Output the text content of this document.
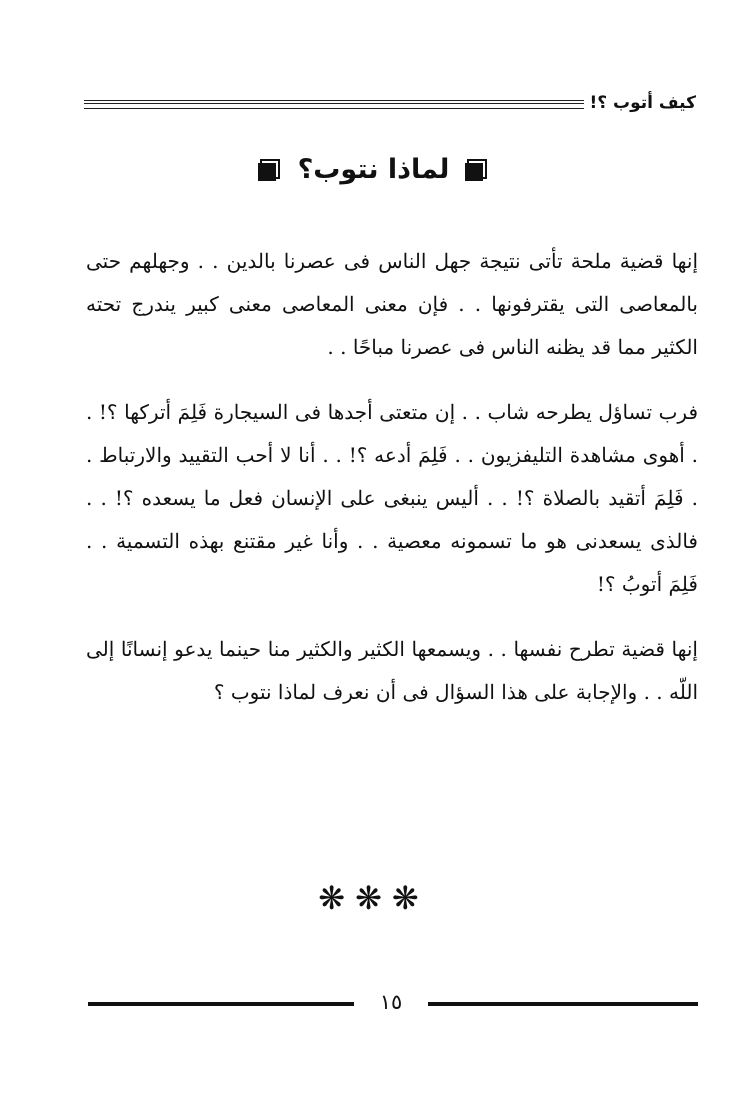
كيف أتوب ؟!
لماذا نتوب؟

إنها قضية ملحة تأتى نتيجة جهل الناس فى عصرنا بالدين . . وجهلهم حتى بالمعاصى التى يقترفونها . . فإن معنى المعاصى معنى كبير يندرج تحته الكثير مما قد يظنه الناس فى عصرنا مباحًا . .

فرب تساؤل يطرحه شاب . . إن متعتى أجدها فى السيجارة فَلِمَ أتركها ؟! . . أهوى مشاهدة التليفزيون . . فَلِمَ أدعه ؟! . . أنا لا أحب التقييد والارتباط . . فَلِمَ أتقيد بالصلاة ؟! . . أليس ينبغى على الإنسان فعل ما يسعده ؟! . . فالذى يسعدنى هو ما تسمونه معصية . . وأنا غير مقتنع بهذه التسمية . . فَلِمَ أتوبُ ؟!

إنها قضية تطرح نفسها . . ويسمعها الكثير والكثير منا حينما يدعو إنسانًا إلى اللّه . . والإجابة على هذا السؤال فى أن نعرف لماذا نتوب ؟

❋❋❋
١٥
